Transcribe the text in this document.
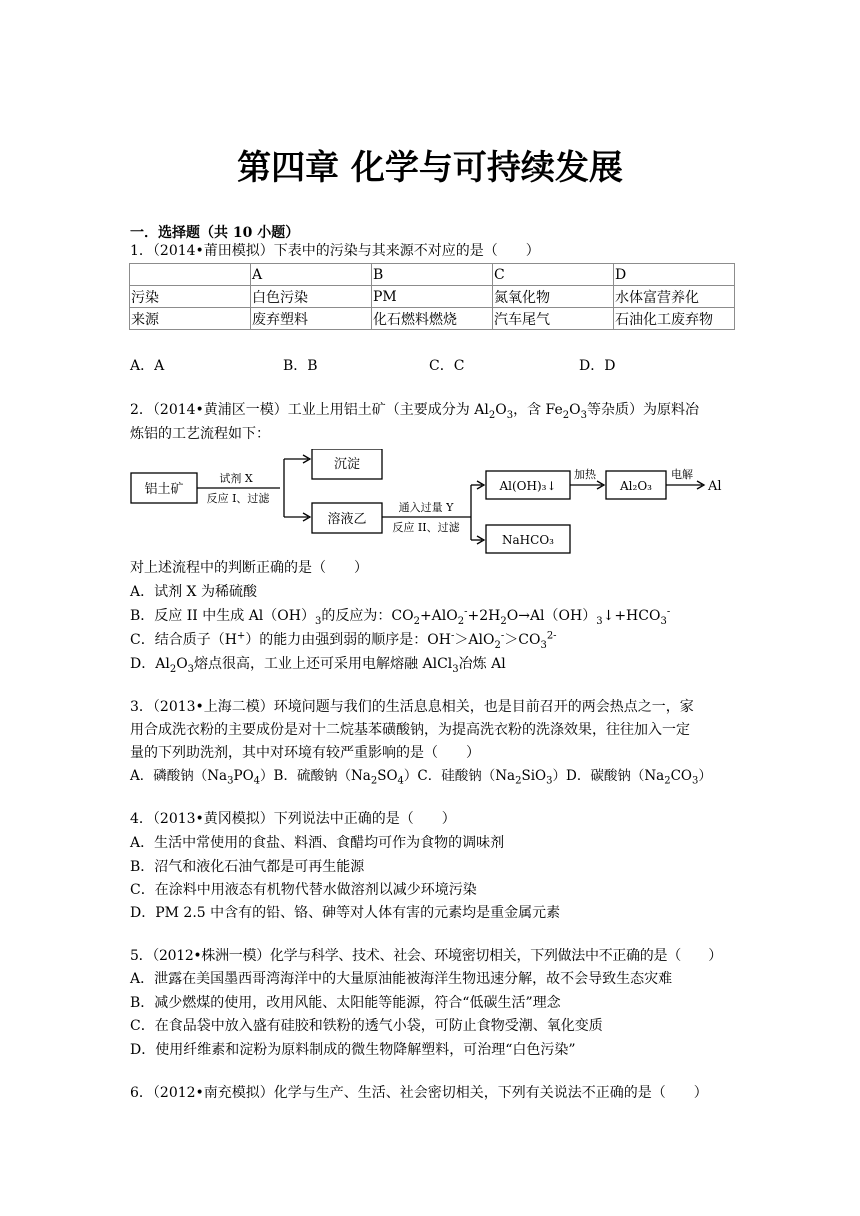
第四章 化学与可持续发展
一．选择题（共 10 小题）
1．（2014•莆田模拟）下表中的污染与其来源不对应的是（　　）
	A	B	C	D
污染	白色污染	PM	氮氧化物	水体富营养化
来源	废弃塑料	化石燃料燃烧	汽车尾气	石油化工废弃物
A．A	B．B	C．C	D．D
2．（2014•黄浦区一模）工业上用铝土矿（主要成分为 $Al_2O_3$，含 $Fe_2O_3$等杂质）为原料冶
炼铝的工艺流程如下：
铝土矿
试剂 X
反应 I、过滤
沉淀
溶液乙
通入过量 Y
反应 II、过滤
Al(OH)₃↓
NaHCO₃
加热
Al₂O₃
电解
Al
对上述流程中的判断正确的是（　　）
A．试剂 X 为稀硫酸
B．反应 II 中生成 $Al(OH)_3$的反应为：$CO_2+AlO_2^-+2H_2O\to Al(OH)_3↓+HCO_3^-$
C．结合质子（H+）的能力由强到弱的顺序是：$OH^->AlO_2^->CO_3^{2-}$
D．$Al_2O_3$熔点很高，工业上还可采用电解熔融 AlCl$_3$冶炼 Al
3．（2013•上海二模）环境问题与我们的生活息息相关，也是目前召开的两会热点之一，家
用合成洗衣粉的主要成份是对十二烷基苯磺酸钠，为提高洗衣粉的洗涤效果，往往加入一定
量的下列助洗剂，其中对环境有较严重影响的是（　　）
A．磷酸钠$(Na_3PO_4)B$．硫酸钠$(Na_2SO_4)C$．硅酸钠$(Na_2SiO_3)D$．碳酸钠$(Na_2CO_3)$
4．（2013•黄冈模拟）下列说法中正确的是（　　）
A．生活中常使用的食盐、料酒、食醋均可作为食物的调味剂
B．沼气和液化石油气都是可再生能源
C．在涂料中用液态有机物代替水做溶剂以减少环境污染
D．PM 2.5 中含有的铅、铬、砷等对人体有害的元素均是重金属元素
5．（2012•株洲一模）化学与科学、技术、社会、环境密切相关，下列做法中不正确的是（　　）
A．泄露在美国墨西哥湾海洋中的大量原油能被海洋生物迅速分解，故不会导致生态灾难
B．减少燃煤的使用，改用风能、太阳能等能源，符合“低碳生活”理念
C．在食品袋中放入盛有硅胶和铁粉的透气小袋，可防止食物受潮、氧化变质
D．使用纤维素和淀粉为原料制成的微生物降解塑料，可治理“白色污染”
6．（2012•南充模拟）化学与生产、生活、社会密切相关，下列有关说法不正确的是（　　）
